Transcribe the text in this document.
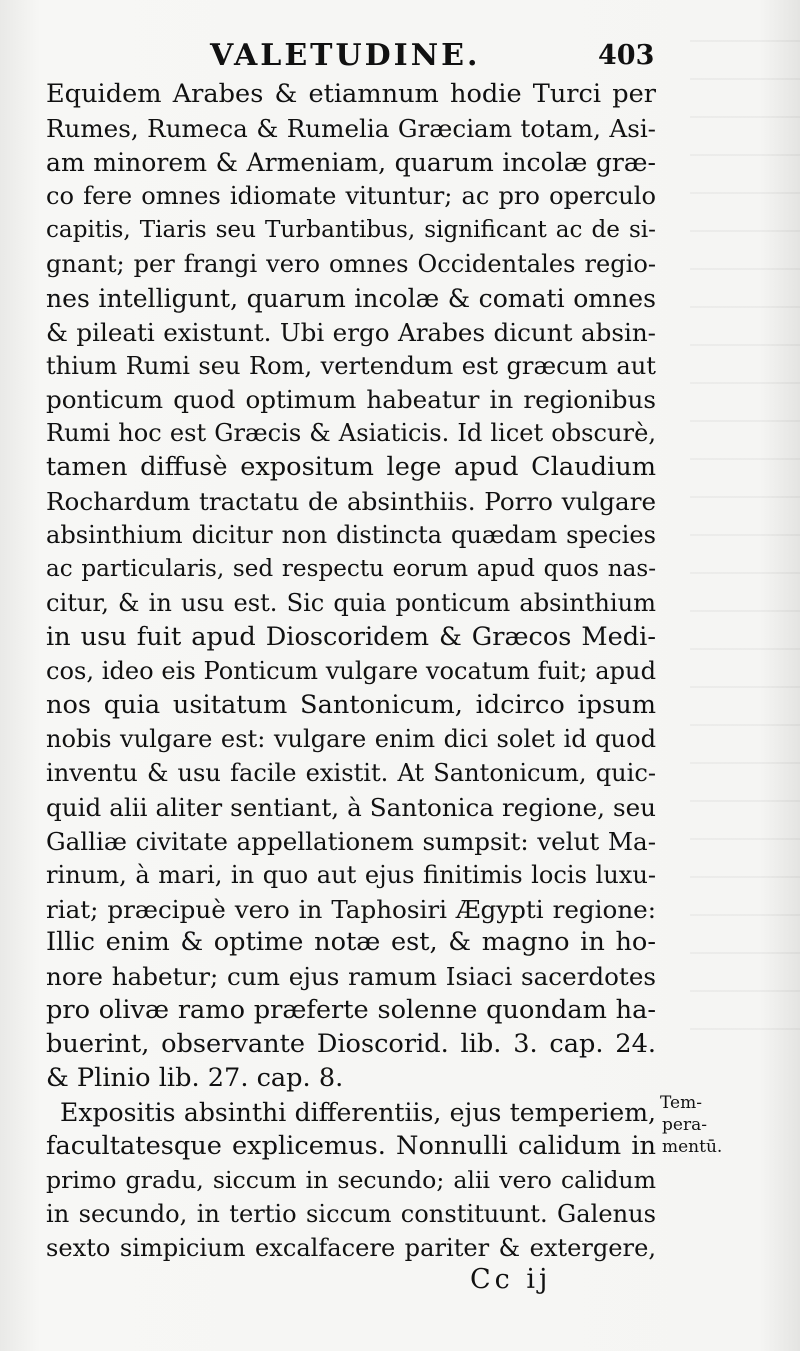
VALETUDINE.	403
Equidem Arabes & etiamnum hodie Turci per
Rumes, Rumeca & Rumelia Græciam totam, Asi-
am minorem & Armeniam, quarum incolæ græ-
co fere omnes idiomate vituntur; ac pro operculo
capitis, Tiaris seu Turbantibus, significant ac de si-
gnant; per frangi vero omnes Occidentales regio-
nes intelligunt, quarum incolæ & comati omnes
& pileati existunt. Ubi ergo Arabes dicunt absin-
thium Rumi seu Rom, vertendum est græcum aut
ponticum quod optimum habeatur in regionibus
Rumi hoc est Græcis & Asiaticis. Id licet obscurè,
tamen diffusè expositum lege apud Claudium
Rochardum tractatu de absinthiis. Porro vulgare
absinthium dicitur non distincta quædam species
ac particularis, sed respectu eorum apud quos nas-
citur, & in usu est. Sic quia ponticum absinthium
in usu fuit apud Dioscoridem & Græcos Medi-
cos, ideo eis Ponticum vulgare vocatum fuit; apud
nos quia usitatum Santonicum, idcirco ipsum
nobis vulgare est: vulgare enim dici solet id quod
inventu & usu facile existit. At Santonicum, quic-
quid alii aliter sentiant, à Santonica regione, seu
Galliæ civitate appellationem sumpsit: velut Ma-
rinum, à mari, in quo aut ejus finitimis locis luxu-
riat; præcipuè vero in Taphosiri Ægypti regione:
Illic enim & optime notæ est, & magno in ho-
nore habetur; cum ejus ramum Isiaci sacerdotes
pro olivæ ramo præferte solenne quondam ha-
buerint, observante Dioscorid. lib. 3. cap. 24.
& Plinio lib. 27. cap. 8.
Expositis absinthi differentiis, ejus temperiem,
facultatesque explicemus. Nonnulli calidum in
primo gradu, siccum in secundo; alii vero calidum
in secundo, in tertio siccum constituunt. Galenus
sexto simpicium excalfacere pariter & extergere,
Tem-
pera-
mentū.
Cc ij
